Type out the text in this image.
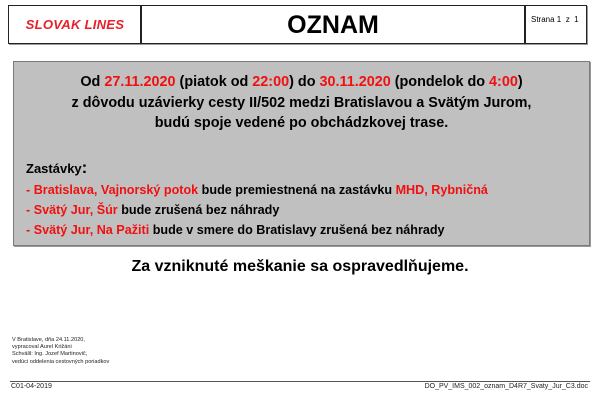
SLOVAK LINES	OZNAM	Strana 1  z  1
Od 27.11.2020 (piatok od 22:00) do 30.11.2020 (pondelok do 4:00)
z dôvodu uzávierky cesty II/502 medzi Bratislavou a Svätým Jurom,
budú spoje vedené po obchádzkovej trase.
Zastávky:
- Bratislava, Vajnorský potok bude premiestnená na zastávku MHD, Rybničná
- Svätý Jur, Šúr bude zrušená bez náhrady
- Svätý Jur, Na Pažiti bude v smere do Bratislavy zrušená bez náhrady
Za vzniknuté meškanie sa ospravedlňujeme.
V Bratislave, dňa 24.11.2020,
vypracoval Aurel Križáni
Schválil: Ing. Jozef Martinovič,
vedúci oddelenia cestovných poriadkov
C01-04-2019	DO_PV_IMS_002_oznam_D4R7_Svaty_Jur_C3.doc
